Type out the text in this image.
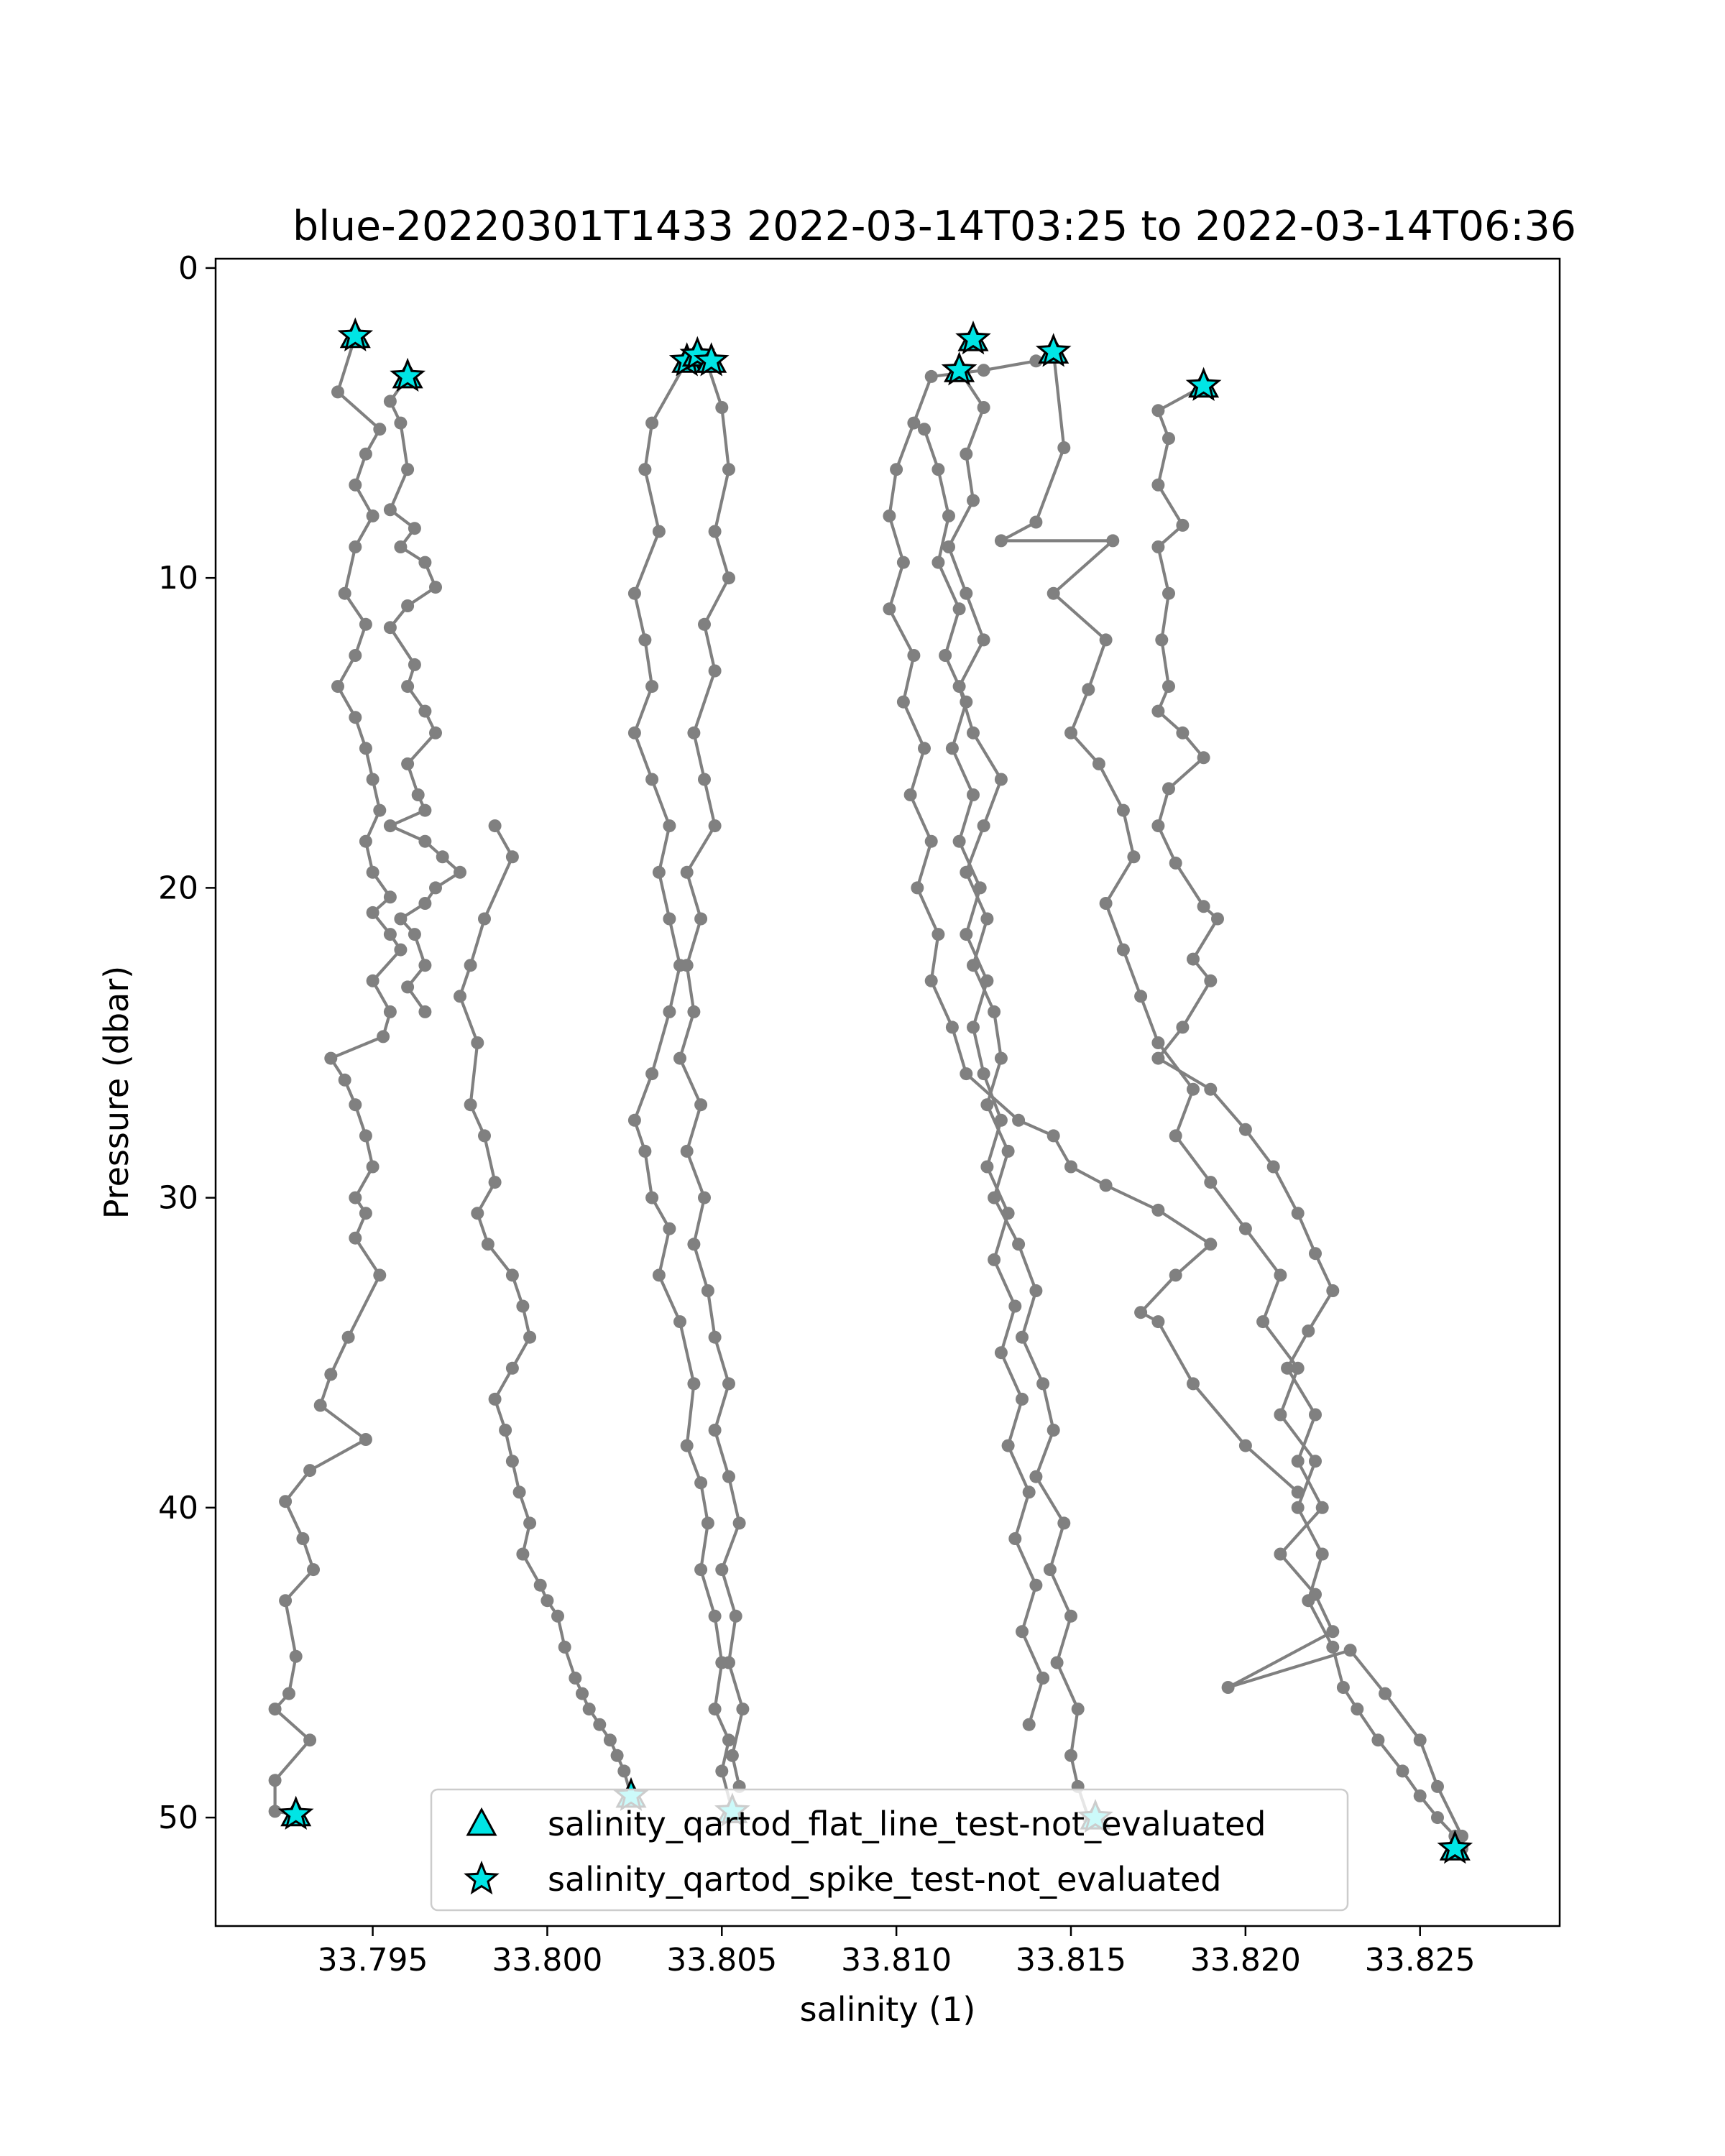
blue-20220301T1433 2022-03-14T03:25 to 2022-03-14T06:36
33.795 33.800 33.805 33.810 33.815 33.820 33.825
0
10
20
30
40
50
salinity (1)
Pressure (dbar)
salinity_qartod_flat_line_test-not_evaluated
salinity_qartod_spike_test-not_evaluated
